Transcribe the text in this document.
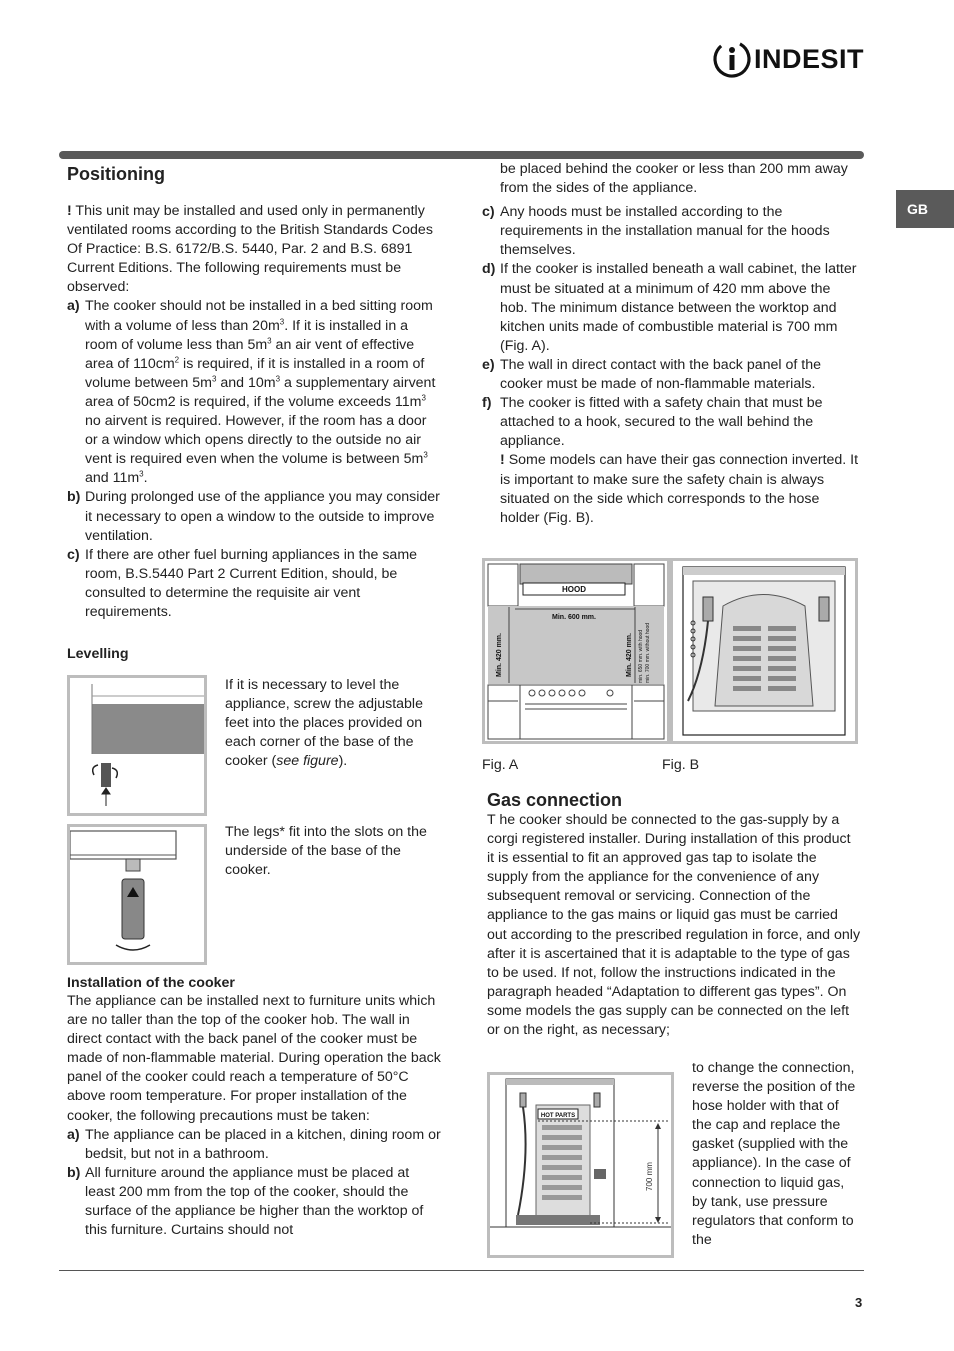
INDESIT
GB
Positioning

! This unit may be installed and used only in permanently ventilated rooms according to the British Standards Codes Of Practice: B.S. 6172/B.S. 5440, Par. 2 and B.S. 6891 Current Editions. The following requirements must be observed:

a) The cooker should not be installed in a bed sitting room with a volume of less than $20m^3$. If it is installed in a room of volume less than $5m^3$ an air vent of effective area of $110cm^2$ is required, if it is installed in a room of volume between $5m^3$ and $10m^3$ a supplementary airvent area of 50cm2 is required, if the volume exceeds $11m^3$ no airvent is required. However, if the room has a door or a window which opens directly to the outside no air vent is required even when the volume is between $5m^3$ and $11m^3$.
b) During prolonged use of the appliance you may consider it necessary to open a window to the outside to improve ventilation.
c) If there are other fuel burning appliances in the same room, B.S.5440 Part 2 Current Edition, should, be consulted to determine the requisite air vent requirements.
Levelling

If it is necessary to level the appliance, screw the adjustable feet into the places provided on each corner of the base of the cooker (see figure).

The legs* fit into the slots on the underside of the base of the cooker.

Installation of the cooker

The appliance can be installed next to furniture units which are no taller than the top of the cooker hob. The wall in direct contact with the back panel of the cooker must be made of non-flammable material. During operation the back panel of the cooker could reach a temperature of 50°C above room temperature. For proper installation of the cooker, the following precautions must be taken:

a) The appliance can be placed in a kitchen, dining room or bedsit, but not in a bathroom.
b) All furniture around the appliance must be placed at least 200 mm from the top of the cooker, should the surface of the appliance be higher than the worktop of this furniture. Curtains should not

be placed behind the cooker or less than 200 mm away from the sides of the appliance.

c) Any hoods must be installed according to the requirements in the installation manual for the hoods themselves.
d) If the cooker is installed beneath a wall cabinet, the latter must be situated at a minimum of 420 mm above the hob. The minimum distance between the worktop and kitchen units made of combustible material is 700 mm (Fig. A).
e) The wall in direct contact with the back panel of the cooker must be made of non-flammable materials.
f) The cooker is fitted with a safety chain that must be attached to a hook, secured to the wall behind the appliance.

! Some models can have their gas connection inverted. It is important to make sure the safety chain is always situated on the side which corresponds to the hose holder (Fig. B).

HOOD
Min. 600 mm.
Min. 420 mm.	Min. 420 mm. min. 650 mm. with hood min. 700 mm. without hood
Fig. A	Fig. B
Gas connection

T he cooker should be connected to the gas-supply by a corgi registered installer. During installation of this product it is essential to fit an approved gas tap to isolate the supply from the appliance for the convenience of any subsequent removal or servicing. Connection of the appliance to the gas mains or liquid gas must be carried out according to the prescribed regulation in force, and only after it is ascertained that it is adaptable to the type of gas to be used. If not, follow the instructions indicated in the paragraph headed “Adaptation to different gas types”. On some models the gas supply can be connected on the left or on the right, as necessary;

HOT PARTS
700 mm

to change the connection, reverse the position of the hose holder with that of the cap and replace the gasket (supplied with the appliance). In the case of connection to liquid gas, by tank, use pressure regulators that conform to the

3
